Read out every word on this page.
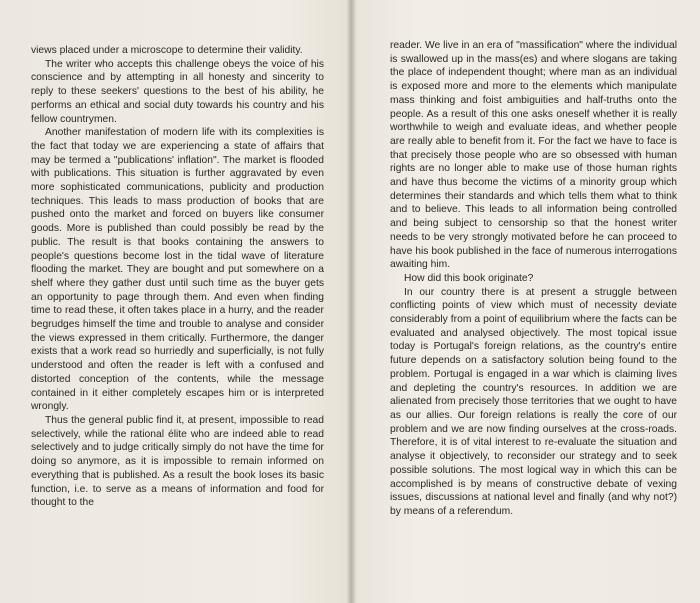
views placed under a microscope to determine their validity.

The writer who accepts this challenge obeys the voice of his conscience and by attempting in all honesty and sincerity to reply to these seekers' questions to the best of his ability, he performs an ethical and social duty towards his country and his fellow countrymen.

Another manifestation of modern life with its complexities is the fact that today we are experiencing a state of affairs that may be termed a "publications' inflation". The market is flooded with publications. This situation is further aggravated by even more sophisticated communications, publicity and production techniques. This leads to mass production of books that are pushed onto the market and forced on buyers like consumer goods. More is published than could possibly be read by the public. The result is that books containing the answers to people's questions become lost in the tidal wave of literature flooding the market. They are bought and put somewhere on a shelf where they gather dust until such time as the buyer gets an opportunity to page through them. And even when finding time to read these, it often takes place in a hurry, and the reader begrudges himself the time and trouble to analyse and consider the views expressed in them critically. Furthermore, the danger exists that a work read so hurriedly and superficially, is not fully understood and often the reader is left with a confused and distorted conception of the contents, while the message contained in it either completely escapes him or is interpreted wrongly.

Thus the general public find it, at present, impossible to read selectively, while the rational élite who are indeed able to read selectively and to judge critically simply do not have the time for doing so anymore, as it is impossible to remain informed on everything that is published. As a result the book loses its basic function, i.e. to serve as a means of information and food for thought to the

reader. We live in an era of "massification" where the individual is swallowed up in the mass(es) and where slogans are taking the place of independent thought; where man as an individual is exposed more and more to the elements which manipulate mass thinking and foist ambiguities and half-truths onto the people. As a result of this one asks oneself whether it is really worthwhile to weigh and evaluate ideas, and whether people are really able to benefit from it. For the fact we have to face is that precisely those people who are so obsessed with human rights are no longer able to make use of those human rights and have thus become the victims of a minority group which determines their standards and which tells them what to think and to believe. This leads to all information being controlled and being subject to censorship so that the honest writer needs to be very strongly motivated before he can proceed to have his book published in the face of numerous interrogations awaiting him.

How did this book originate?

In our country there is at present a struggle between conflicting points of view which must of necessity deviate considerably from a point of equilibrium where the facts can be evaluated and analysed objectively. The most topical issue today is Portugal's foreign relations, as the country's entire future depends on a satisfactory solution being found to the problem. Portugal is engaged in a war which is claiming lives and depleting the country's resources. In addition we are alienated from precisely those territories that we ought to have as our allies. Our foreign relations is really the core of our problem and we are now finding ourselves at the cross-roads. Therefore, it is of vital interest to re-evaluate the situation and analyse it objectively, to reconsider our strategy and to seek possible solutions. The most logical way in which this can be accomplished is by means of constructive debate of vexing issues, discussions at national level and finally (and why not?) by means of a referendum.
